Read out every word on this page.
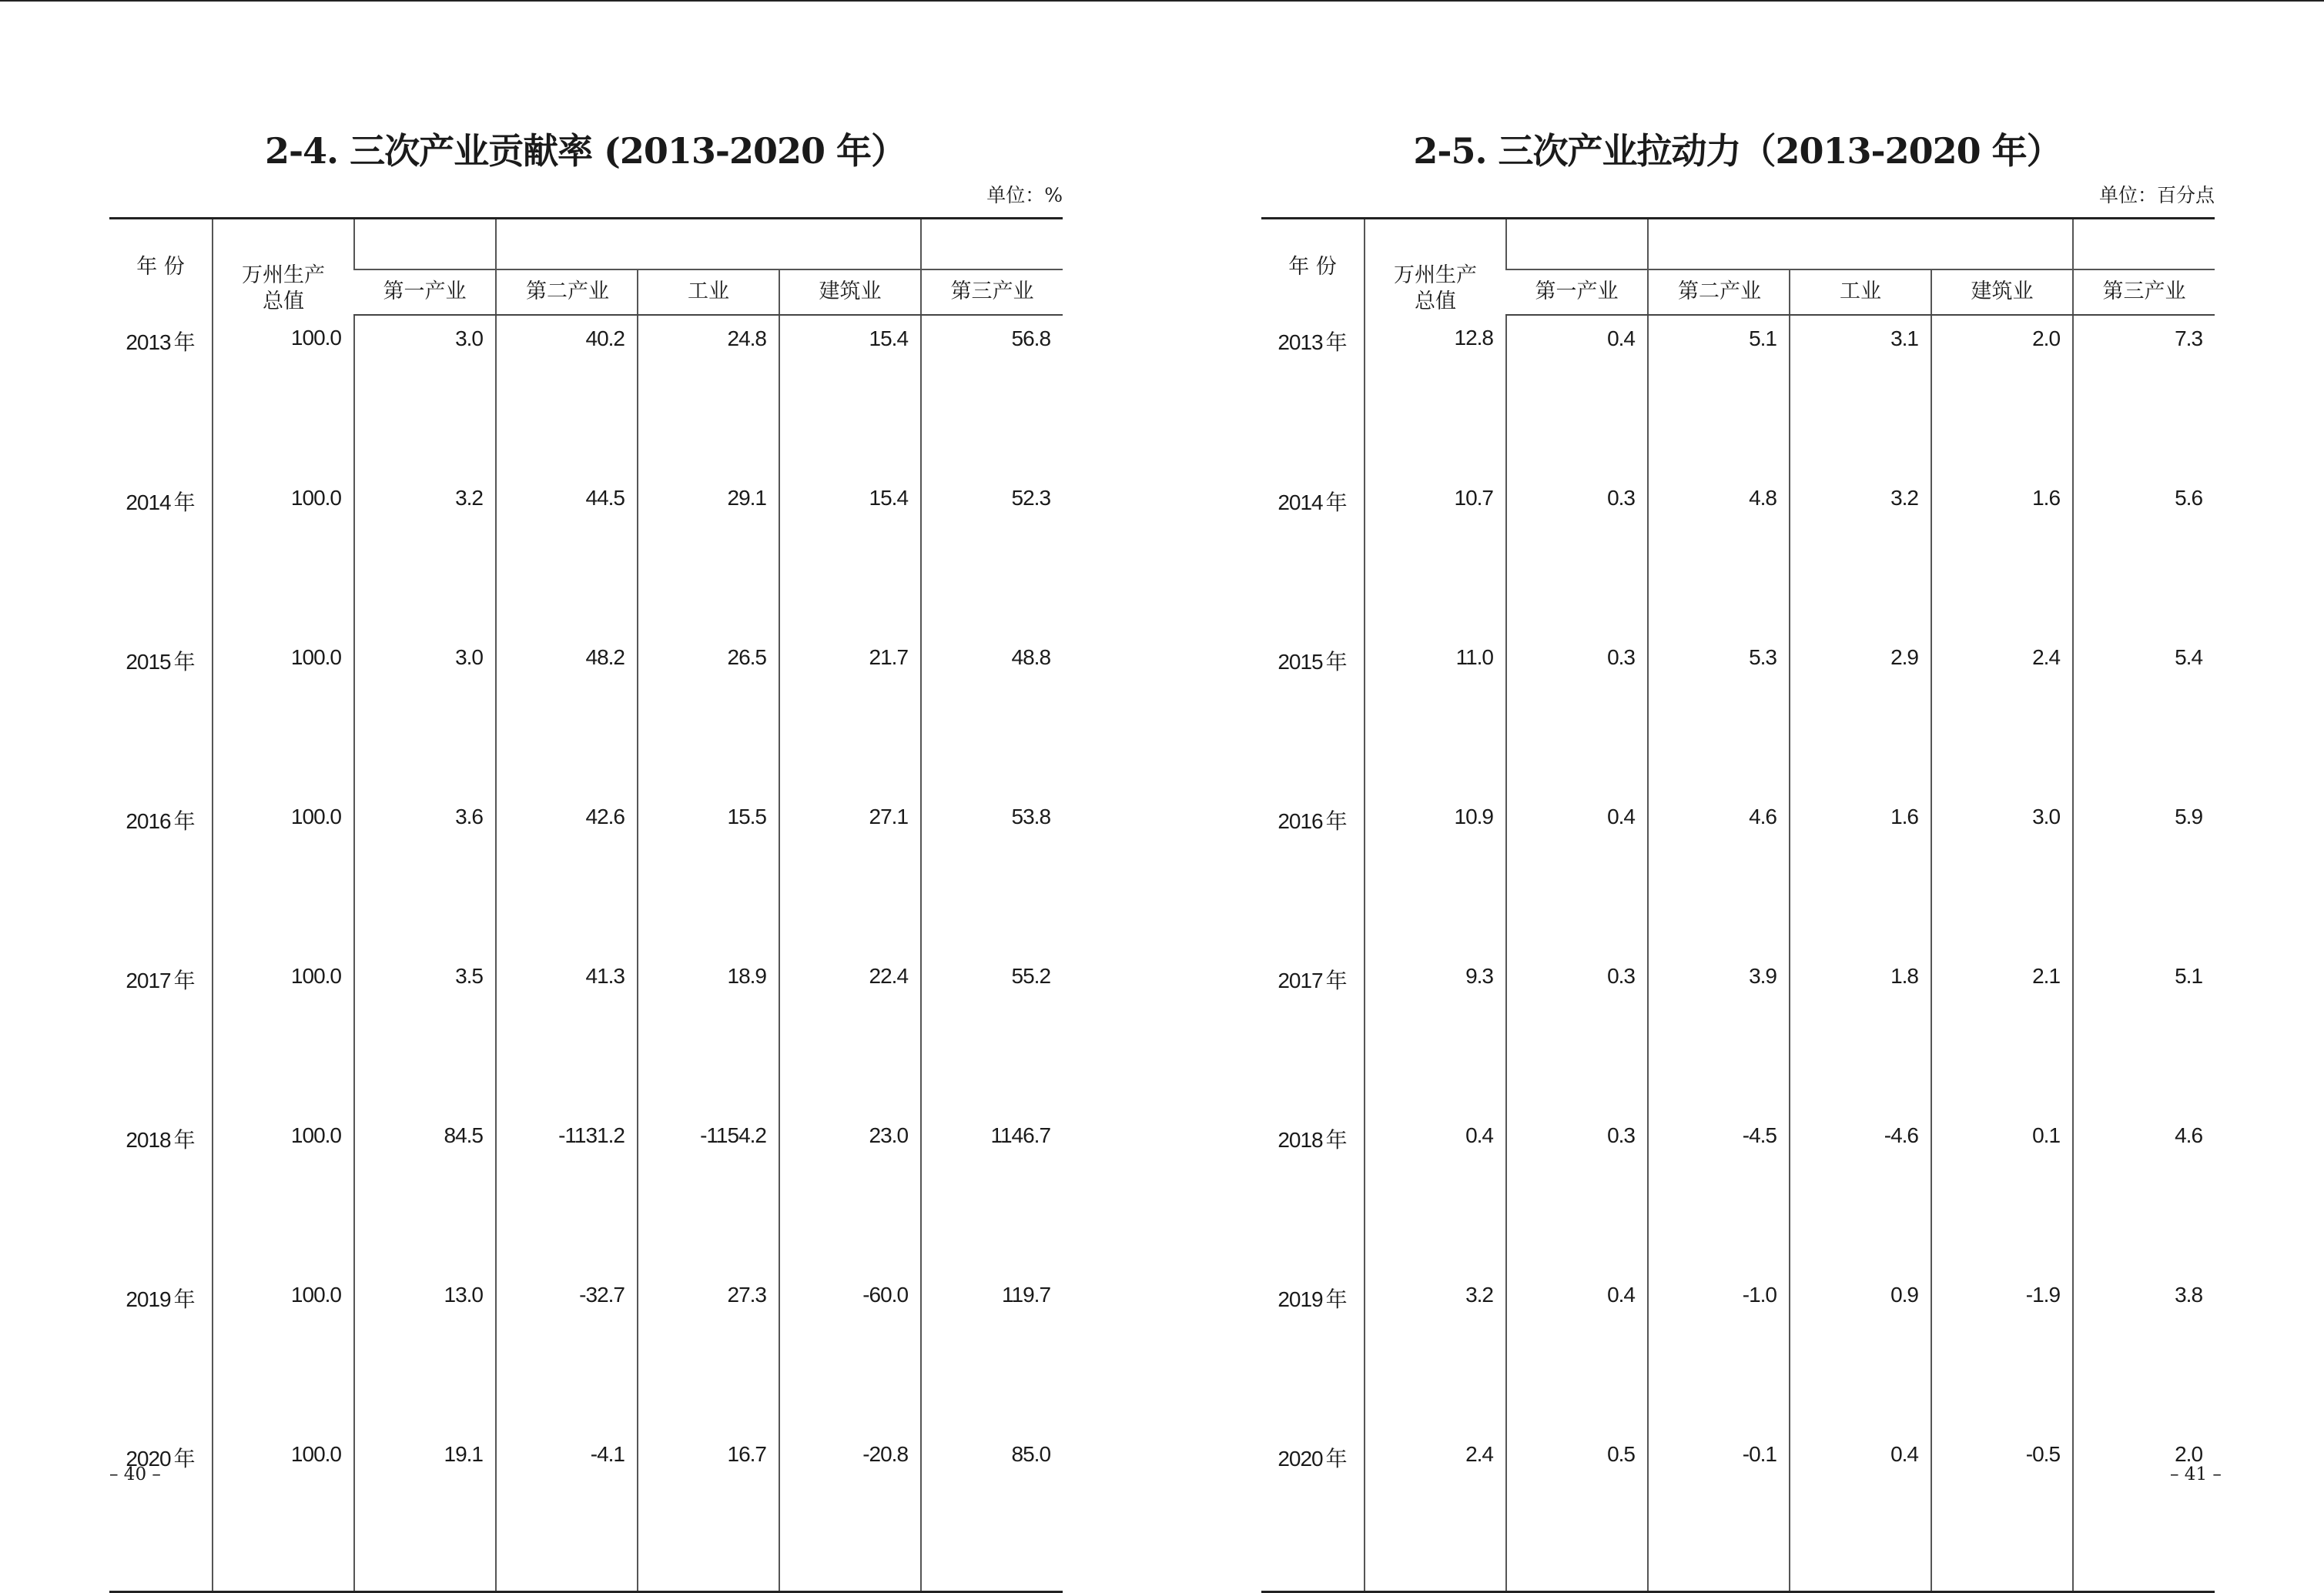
2-4. 三次产业贡献率 (2013-2020 年）
单位：%
年 份	万州生产总值					
		第一产业	第二产业	工业	建筑业	第三产业
2013 年	100.0	3.0	40.2	24.8	15.4	56.8
2014 年	100.0	3.2	44.5	29.1	15.4	52.3
2015 年	100.0	3.0	48.2	26.5	21.7	48.8
2016 年	100.0	3.6	42.6	15.5	27.1	53.8
2017 年	100.0	3.5	41.3	18.9	22.4	55.2
2018 年	100.0	84.5	-1131.2	-1154.2	23.0	1146.7
2019 年	100.0	13.0	-32.7	27.3	-60.0	119.7
2020 年	100.0	19.1	-4.1	16.7	-20.8	85.0
– 40 –
2-5. 三次产业拉动力（2013-2020 年）
单位：百分点
年 份	万州生产总值					
		第一产业	第二产业	工业	建筑业	第三产业
2013 年	12.8	0.4	5.1	3.1	2.0	7.3
2014 年	10.7	0.3	4.8	3.2	1.6	5.6
2015 年	11.0	0.3	5.3	2.9	2.4	5.4
2016 年	10.9	0.4	4.6	1.6	3.0	5.9
2017 年	9.3	0.3	3.9	1.8	2.1	5.1
2018 年	0.4	0.3	-4.5	-4.6	0.1	4.6
2019 年	3.2	0.4	-1.0	0.9	-1.9	3.8
2020 年	2.4	0.5	-0.1	0.4	-0.5	2.0
– 41 –
